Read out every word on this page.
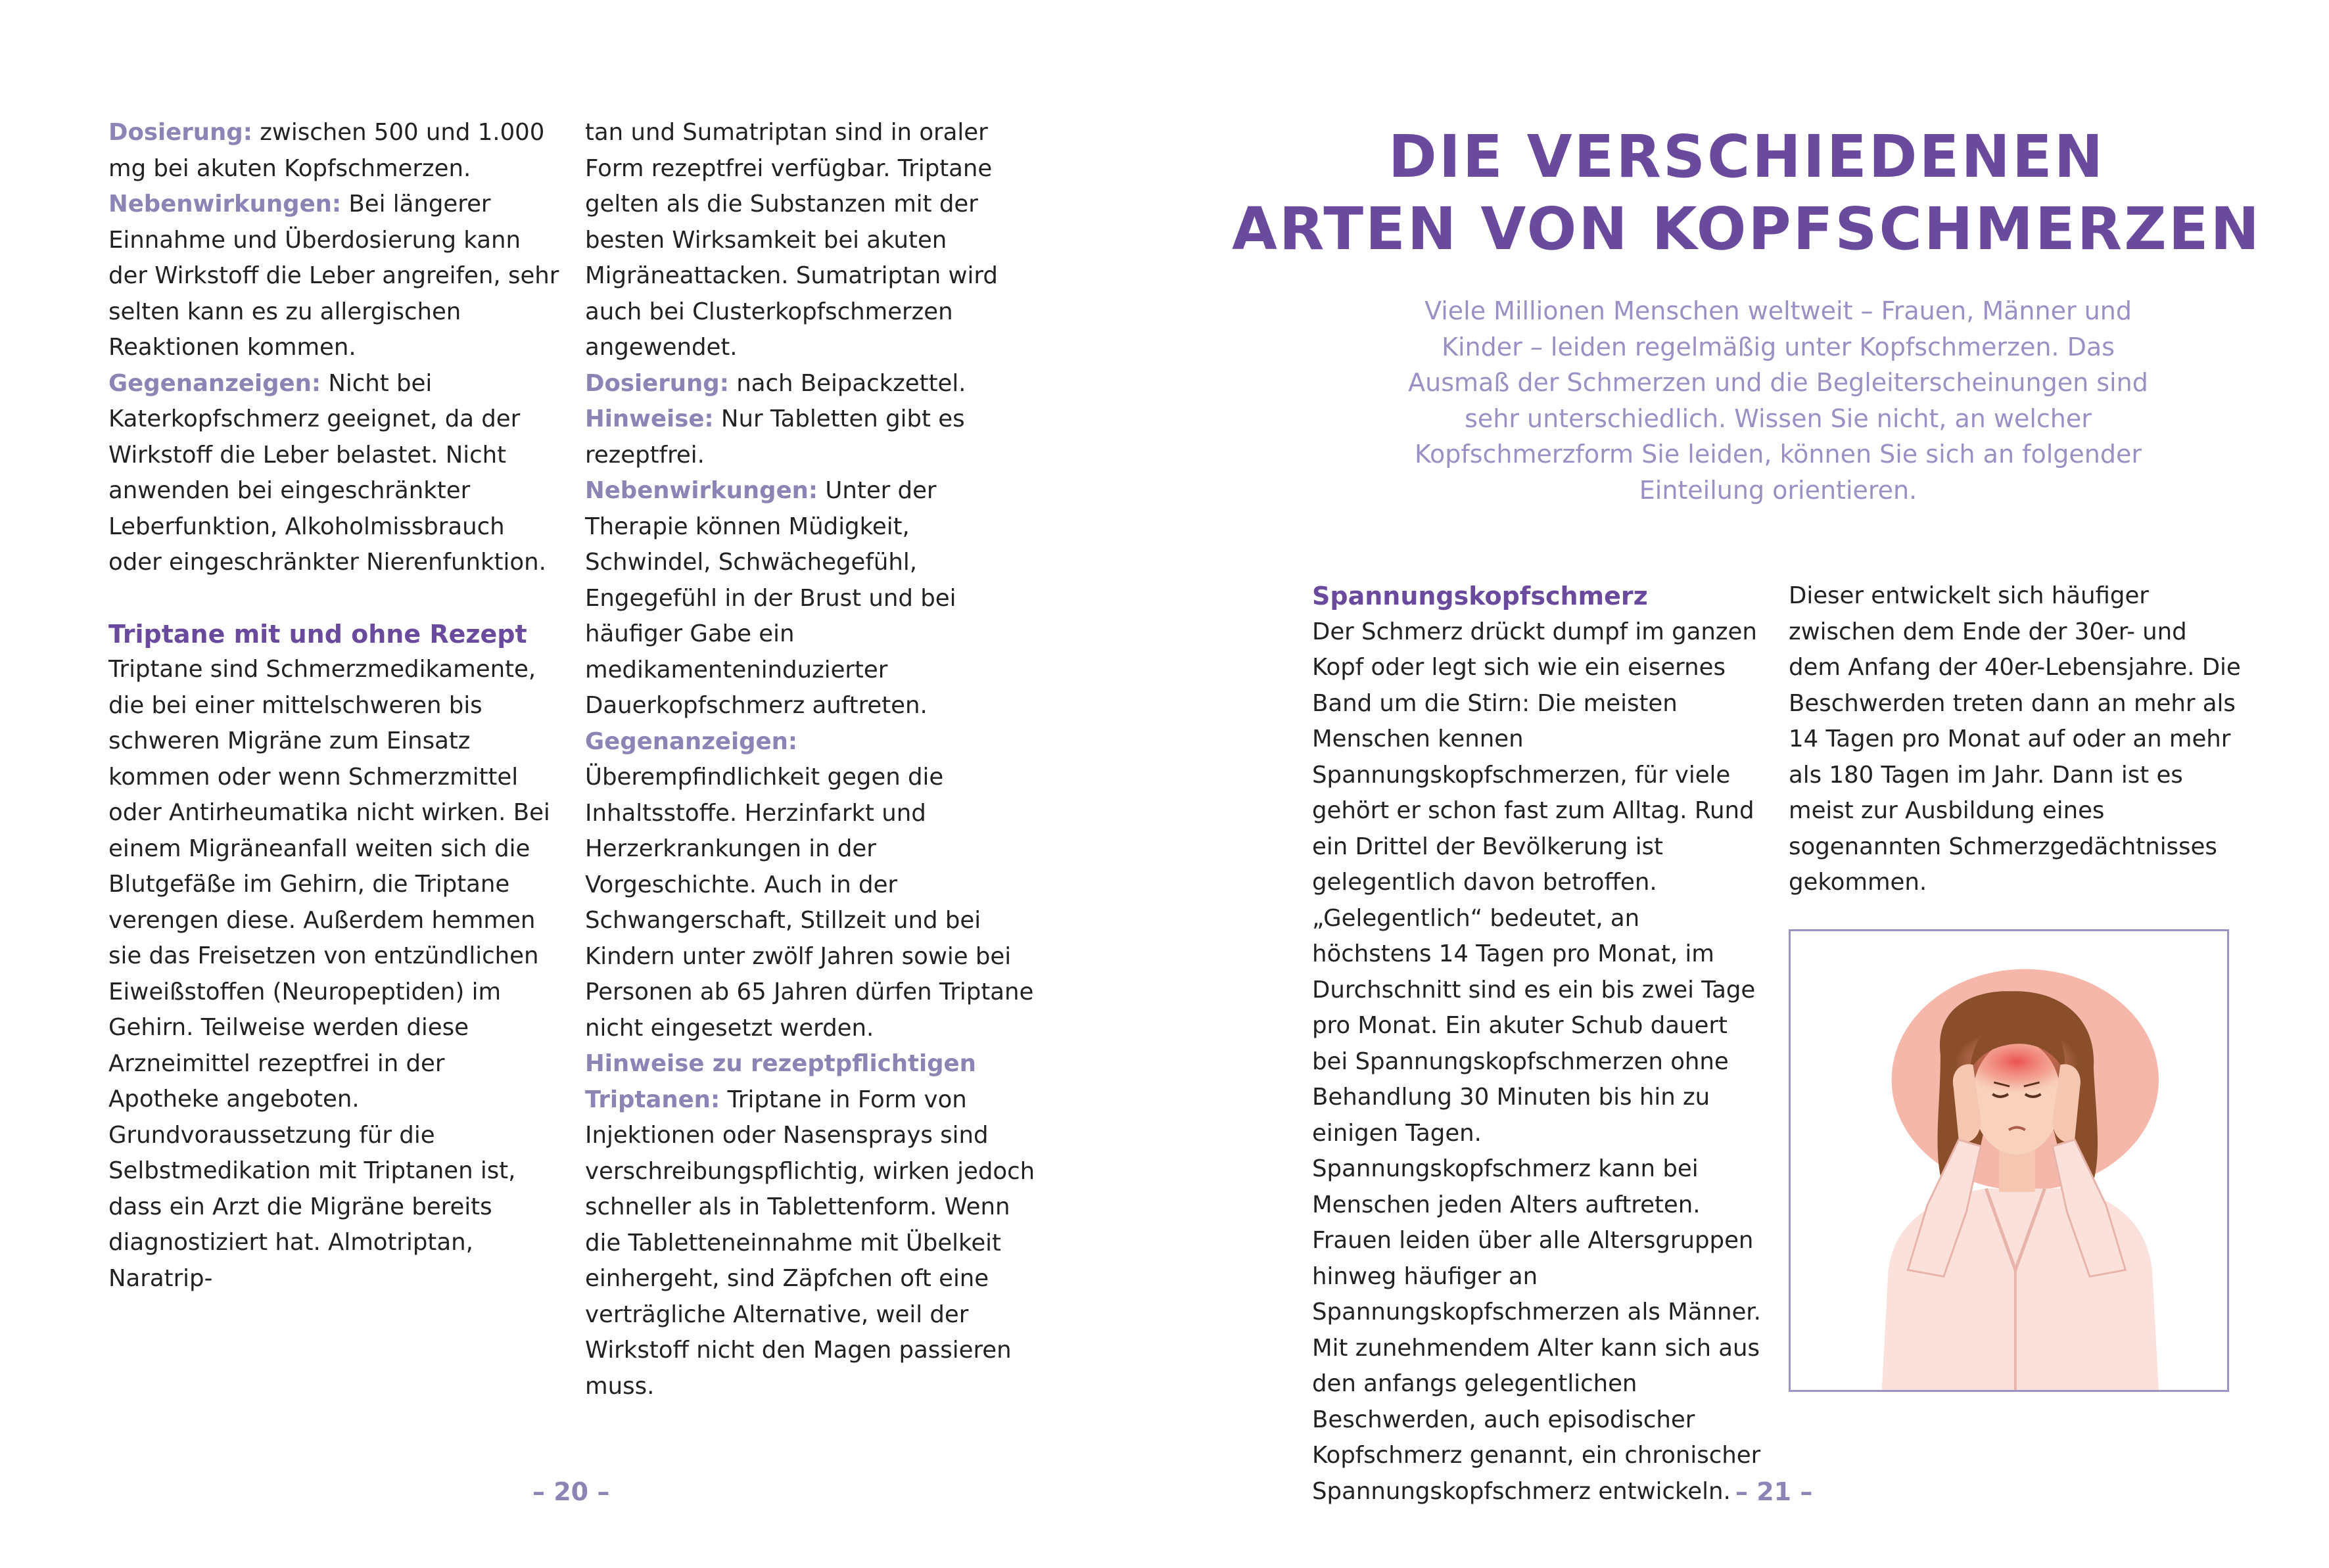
Dosierung: zwischen 500 und 1.000 mg bei akuten Kopfschmerzen.

Nebenwirkungen: Bei längerer Einnahme und Überdosierung kann der Wirkstoff die Leber angreifen, sehr selten kann es zu allergischen Reaktionen kommen.

Gegenanzeigen: Nicht bei Katerkopfschmerz geeignet, da der Wirkstoff die Leber belastet. Nicht anwenden bei eingeschränkter Leberfunktion, Alkoholmissbrauch oder eingeschränkter Nierenfunktion.

Triptane mit und ohne Rezept

Triptane sind Schmerzmedikamente, die bei einer mittelschweren bis schweren Migräne zum Einsatz kommen oder wenn Schmerzmittel oder Antirheumatika nicht wirken. Bei einem Migräneanfall weiten sich die Blutgefäße im Gehirn, die Triptane verengen diese. Außerdem hemmen sie das Freisetzen von entzündlichen Eiweißstoffen (Neuropeptiden) im Gehirn. Teilweise werden diese Arzneimittel rezeptfrei in der Apotheke angeboten. Grundvoraussetzung für die Selbstmedikation mit Triptanen ist, dass ein Arzt die Migräne bereits diagnostiziert hat. Almotriptan, Naratrip-

tan und Sumatriptan sind in oraler Form rezeptfrei verfügbar. Triptane gelten als die Substanzen mit der besten Wirksamkeit bei akuten Migräneattacken. Sumatriptan wird auch bei Clusterkopfschmerzen angewendet.

Dosierung: nach Beipackzettel.

Hinweise: Nur Tabletten gibt es rezeptfrei.

Nebenwirkungen: Unter der Therapie können Müdigkeit, Schwindel, Schwächegefühl, Engegefühl in der Brust und bei häufiger Gabe ein medikamenteninduzierter Dauerkopfschmerz auftreten.

Gegenanzeigen: Überempfindlichkeit gegen die Inhaltsstoffe. Herzinfarkt und Herzerkrankungen in der Vorgeschichte. Auch in der Schwangerschaft, Stillzeit und bei Kindern unter zwölf Jahren sowie bei Personen ab 65 Jahren dürfen Triptane nicht eingesetzt werden.

Hinweise zu rezeptpflichtigen Triptanen: Triptane in Form von Injektionen oder Nasensprays sind verschreibungspflichtig, wirken jedoch schneller als in Tablettenform. Wenn die Tabletteneinnahme mit Übelkeit einhergeht, sind Zäpfchen oft eine verträgliche Alternative, weil der Wirkstoff nicht den Magen passieren muss.

– 20 –
DIE VERSCHIEDENEN
ARTEN VON KOPFSCHMERZEN

Viele Millionen Menschen weltweit – Frauen, Männer und Kinder – leiden regelmäßig unter Kopfschmerzen. Das Ausmaß der Schmerzen und die Begleiterscheinungen sind sehr unterschiedlich. Wissen Sie nicht, an welcher Kopfschmerzform Sie leiden, können Sie sich an folgender Einteilung orientieren.

Spannungskopfschmerz

Der Schmerz drückt dumpf im ganzen Kopf oder legt sich wie ein eisernes Band um die Stirn: Die meisten Menschen kennen Spannungskopfschmerzen, für viele gehört er schon fast zum Alltag. Rund ein Drittel der Bevölkerung ist gelegentlich davon betroffen. „Gelegentlich“ bedeutet, an höchstens 14 Tagen pro Monat, im Durchschnitt sind es ein bis zwei Tage pro Monat. Ein akuter Schub dauert bei Spannungskopfschmerzen ohne Behandlung 30 Minuten bis hin zu einigen Tagen. Spannungskopfschmerz kann bei Menschen jeden Alters auftreten. Frauen leiden über alle Altersgruppen hinweg häufiger an Spannungskopfschmerzen als Männer. Mit zunehmendem Alter kann sich aus den anfangs gelegentlichen Beschwerden, auch episodischer Kopfschmerz genannt, ein chronischer Spannungskopfschmerz entwickeln.

Dieser entwickelt sich häufiger zwischen dem Ende der 30er- und dem Anfang der 40er-Lebensjahre. Die Beschwerden treten dann an mehr als 14 Tagen pro Monat auf oder an mehr als 180 Tagen im Jahr. Dann ist es meist zur Ausbildung eines sogenannten Schmerzgedächtnisses gekommen.

– 21 –
